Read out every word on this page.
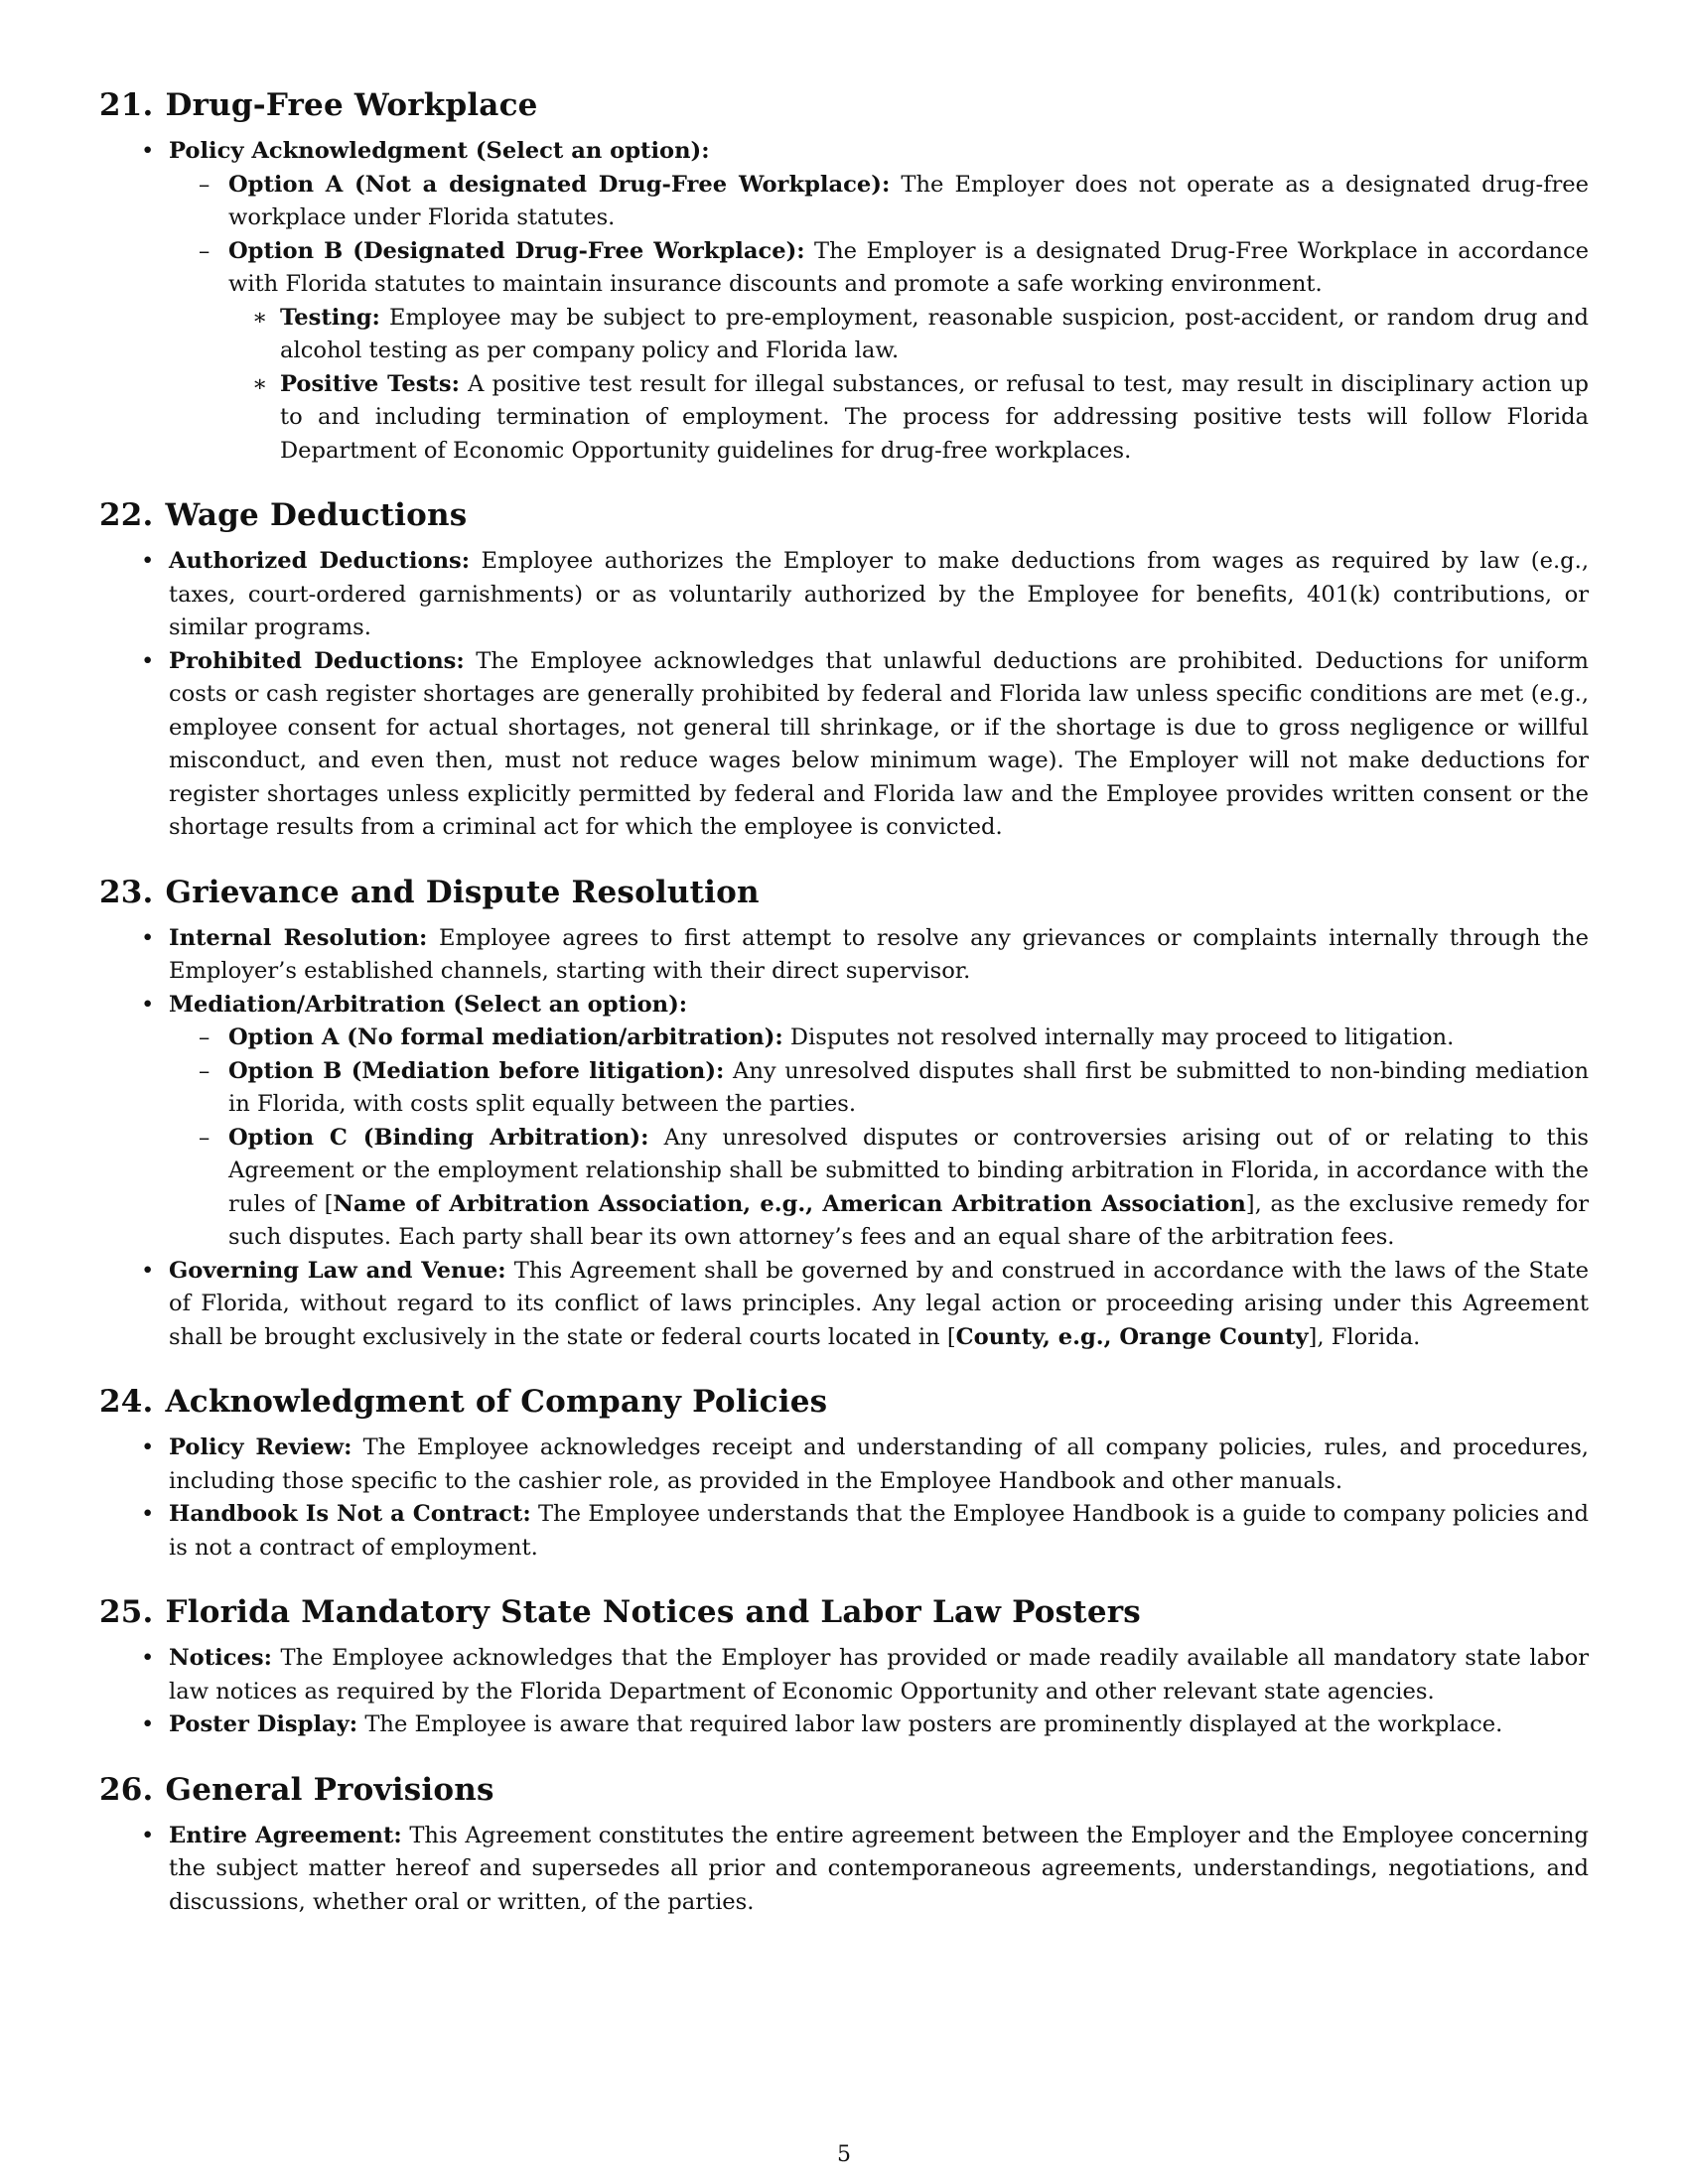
21. Drug-Free Workplace
• Policy Acknowledgment (Select an option):
– Option A (Not a designated Drug-Free Workplace): The Employer does not operate as a designated drug-free workplace under Florida statutes.
– Option B (Designated Drug-Free Workplace): The Employer is a designated Drug-Free Workplace in accordance with Florida statutes to maintain insurance discounts and promote a safe working environment.
∗ Testing: Employee may be subject to pre-employment, reasonable suspicion, post-accident, or random drug and alcohol testing as per company policy and Florida law.
∗ Positive Tests: A positive test result for illegal substances, or refusal to test, may result in disciplinary action up to and including termination of employment. The process for addressing positive tests will follow Florida Department of Economic Opportunity guidelines for drug-free workplaces.
22. Wage Deductions
• Authorized Deductions: Employee authorizes the Employer to make deductions from wages as required by law (e.g., taxes, court-ordered garnishments) or as voluntarily authorized by the Employee for benefits, 401(k) contributions, or similar programs.
• Prohibited Deductions: The Employee acknowledges that unlawful deductions are prohibited. Deductions for uniform costs or cash register shortages are generally prohibited by federal and Florida law unless specific conditions are met (e.g., employee consent for actual shortages, not general till shrinkage, or if the shortage is due to gross negligence or willful misconduct, and even then, must not reduce wages below minimum wage). The Employer will not make deductions for register shortages unless explicitly permitted by federal and Florida law and the Employee provides written consent or the shortage results from a criminal act for which the employee is convicted.
23. Grievance and Dispute Resolution
• Internal Resolution: Employee agrees to first attempt to resolve any grievances or complaints internally through the Employer’s established channels, starting with their direct supervisor.
• Mediation/Arbitration (Select an option):
– Option A (No formal mediation/arbitration): Disputes not resolved internally may proceed to litigation.
– Option B (Mediation before litigation): Any unresolved disputes shall first be submitted to non-binding mediation in Florida, with costs split equally between the parties.
– Option C (Binding Arbitration): Any unresolved disputes or controversies arising out of or relating to this Agreement or the employment relationship shall be submitted to binding arbitration in Florida, in accordance with the rules of [Name of Arbitration Association, e.g., American Arbitration Association], as the exclusive remedy for such disputes. Each party shall bear its own attorney’s fees and an equal share of the arbitration fees.
• Governing Law and Venue: This Agreement shall be governed by and construed in accordance with the laws of the State of Florida, without regard to its conflict of laws principles. Any legal action or proceeding arising under this Agreement shall be brought exclusively in the state or federal courts located in [County, e.g., Orange County], Florida.
24. Acknowledgment of Company Policies
• Policy Review: The Employee acknowledges receipt and understanding of all company policies, rules, and procedures, including those specific to the cashier role, as provided in the Employee Handbook and other manuals.
• Handbook Is Not a Contract: The Employee understands that the Employee Handbook is a guide to company policies and is not a contract of employment.
25. Florida Mandatory State Notices and Labor Law Posters
• Notices: The Employee acknowledges that the Employer has provided or made readily available all mandatory state labor law notices as required by the Florida Department of Economic Opportunity and other relevant state agencies.
• Poster Display: The Employee is aware that required labor law posters are prominently displayed at the workplace.
26. General Provisions
• Entire Agreement: This Agreement constitutes the entire agreement between the Employer and the Employee concerning the subject matter hereof and supersedes all prior and contemporaneous agreements, understandings, negotiations, and discussions, whether oral or written, of the parties.
5
